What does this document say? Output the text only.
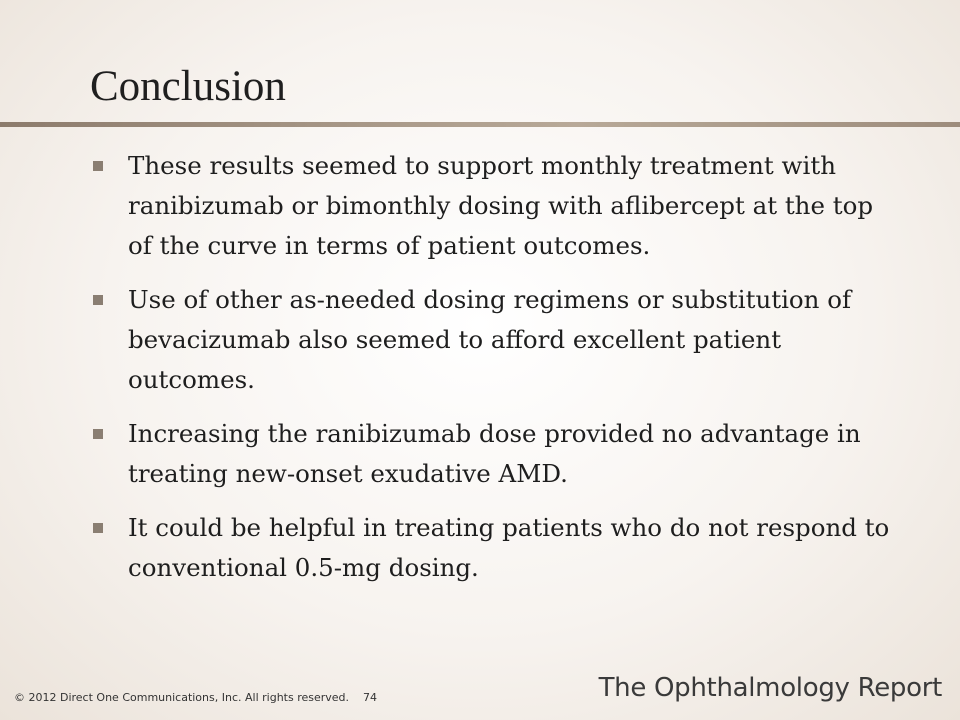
Conclusion
These results seemed to support monthly treatment with ranibizumab or bimonthly dosing with aflibercept at the top of the curve in terms of patient outcomes.
Use of other as-needed dosing regimens or substitution of bevacizumab also seemed to afford excellent patient outcomes.
Increasing the ranibizumab dose provided no advantage in treating new-onset exudative AMD.
It could be helpful in treating patients who do not respond to conventional 0.5-mg dosing.
© 2012 Direct One Communications, Inc. All rights reserved. 74	The Ophthalmology Report
